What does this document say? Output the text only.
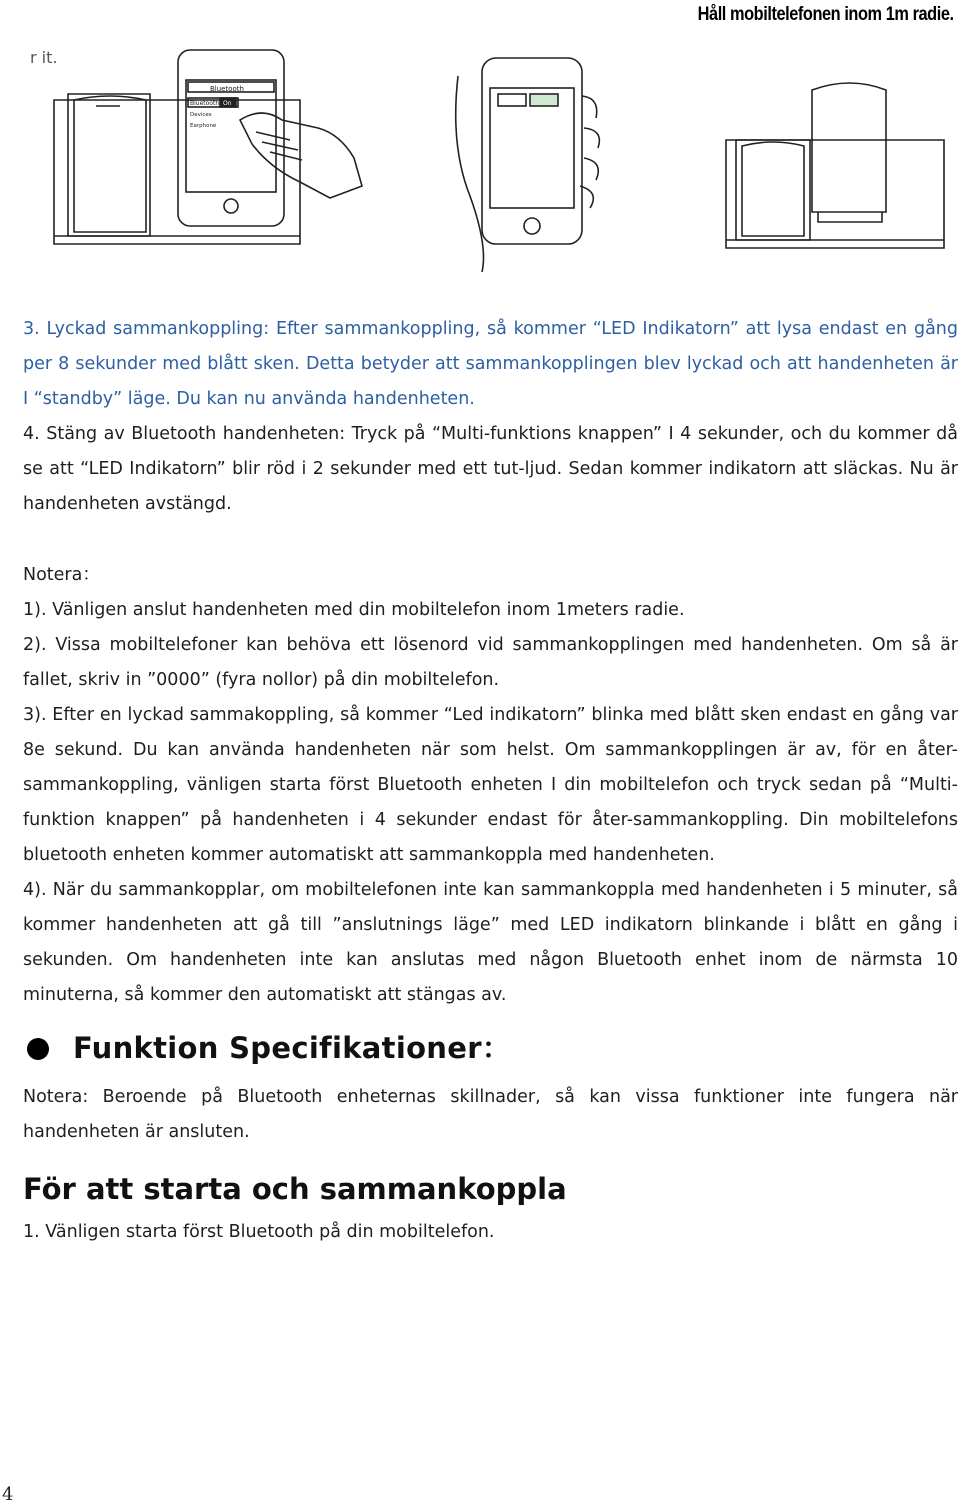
Håll mobiltelefonen inom 1m radie.
r it.
Bluetooth
Bluetooth On
Devices
Earphone

3. Lyckad sammankoppling: Efter sammankoppling, så kommer “LED Indikatorn” att lysa endast en gång per 8 sekunder med blått sken. Detta betyder att sammankopplingen blev lyckad och att handenheten är I “standby” läge. Du kan nu använda handenheten.

4. Stäng av Bluetooth handenheten: Tryck på “Multi-funktions knappen” I 4 sekunder, och du kommer då se att “LED Indikatorn” blir röd i 2 sekunder med ett tut-ljud. Sedan kommer indikatorn att släckas. Nu är handenheten avstängd.

Notera：

1). Vänligen anslut handenheten med din mobiltelefon inom 1meters radie.

2). Vissa mobiltelefoner kan behöva ett lösenord vid sammankopplingen med handenheten. Om så är fallet, skriv in ”0000” (fyra nollor) på din mobiltelefon.

3). Efter en lyckad sammakoppling, så kommer “Led indikatorn” blinka med blått sken endast en gång var 8e sekund. Du kan använda handenheten när som helst. Om sammankopplingen är av, för en åter-sammankoppling, vänligen starta först Bluetooth enheten I din mobiltelefon och tryck sedan på “Multi-funktion knappen” på handenheten i 4 sekunder endast för åter-sammankoppling. Din mobiltelefons bluetooth enheten kommer automatiskt att sammankoppla med handenheten.

4). När du sammankopplar, om mobiltelefonen inte kan sammankoppla med handenheten i 5 minuter, så kommer handenheten att gå till ”anslutnings läge” med LED indikatorn blinkande i blått en gång i sekunden. Om handenheten inte kan anslutas med någon Bluetooth enhet inom de närmsta 10 minuterna, så kommer den automatiskt att stängas av.

Funktion Specifikationer：

Notera: Beroende på Bluetooth enheternas skillnader, så kan vissa funktioner inte fungera när handenheten är ansluten.

För att starta och sammankoppla

1. Vänligen starta först Bluetooth på din mobiltelefon.

4
